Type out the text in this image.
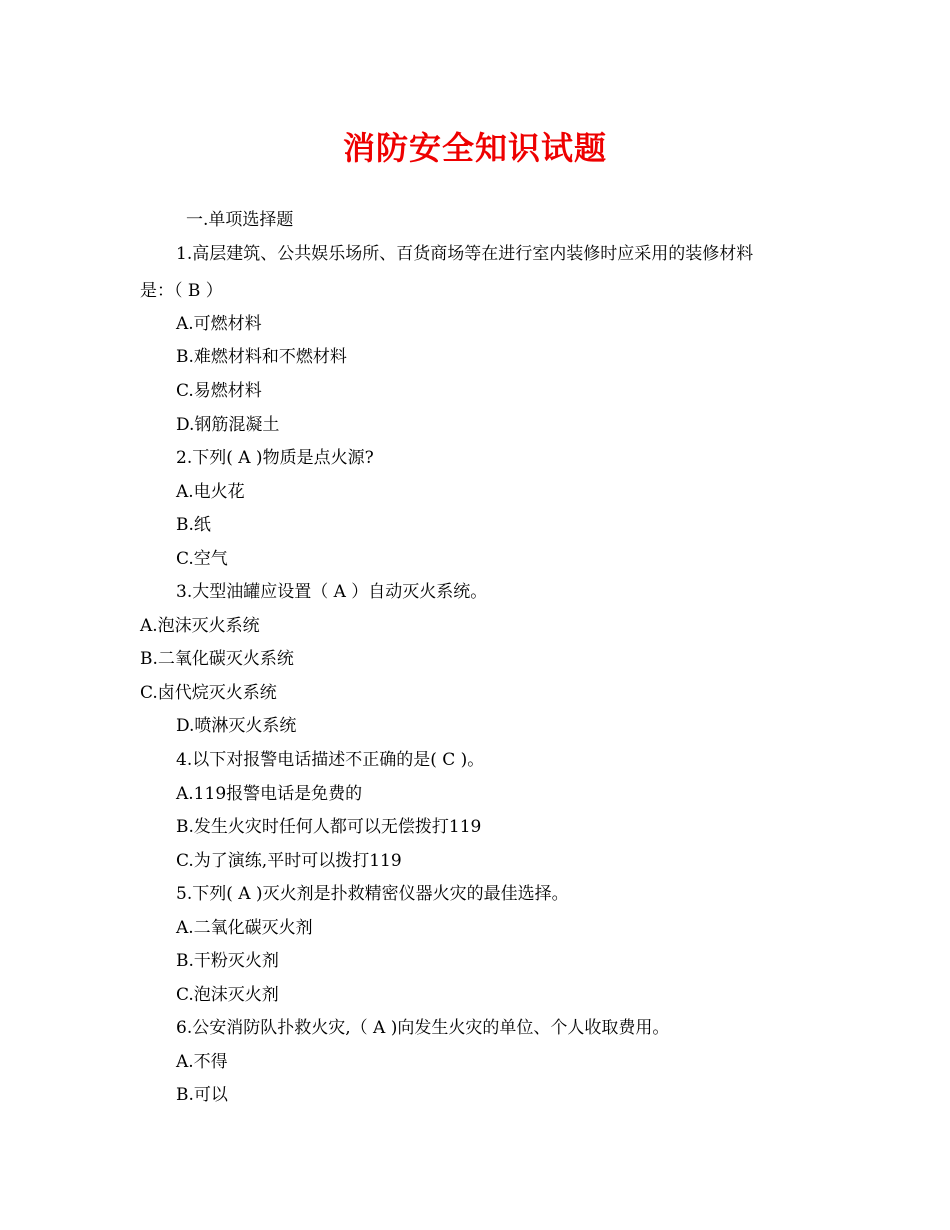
消防安全知识试题
一.单项选择题
1.高层建筑、公共娱乐场所、百货商场等在进行室内装修时应采用的装修材料
是：（ B ）
A.可燃材料
B.难燃材料和不燃材料
C.易燃材料
D.钢筋混凝土
2.下列( A )物质是点火源?
A.电火花
B.纸
C.空气
3.大型油罐应设置（ A ）自动灭火系统。
A.泡沫灭火系统
B.二氧化碳灭火系统
C.卤代烷灭火系统
D.喷淋灭火系统
4.以下对报警电话描述不正确的是( C )。
A.119报警电话是免费的
B.发生火灾时任何人都可以无偿拨打119
C.为了演练,平时可以拨打119
5.下列( A )灭火剂是扑救精密仪器火灾的最佳选择。
A.二氧化碳灭火剂
B.干粉灭火剂
C.泡沫灭火剂
6.公安消防队扑救火灾,（ A )向发生火灾的单位、个人收取费用。
A.不得
B.可以
